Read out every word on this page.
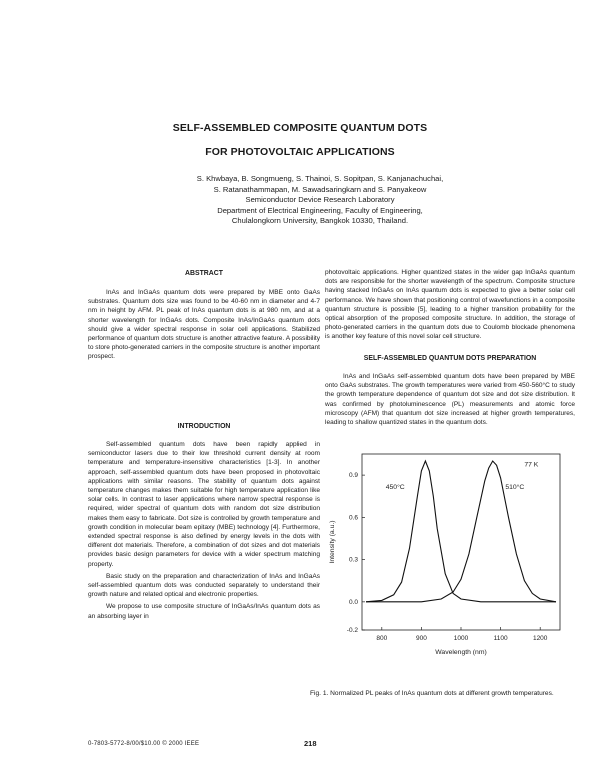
SELF-ASSEMBLED COMPOSITE QUANTUM DOTS
FOR PHOTOVOLTAIC APPLICATIONS
S. Khwbaya, B. Songmueng, S. Thainoi, S. Sopitpan, S. Kanjanachuchai,
S. Ratanathammapan, M. Sawadsaringkarn and S. Panyakeow
Semiconductor Device Research Laboratory
Department of Electrical Engineering, Faculty of Engineering,
Chulalongkorn University, Bangkok 10330, Thailand.
ABSTRACT

InAs and InGaAs quantum dots were prepared by MBE onto GaAs substrates. Quantum dots size was found to be 40-60 nm in diameter and 4-7 nm in height by AFM. PL peak of InAs quantum dots is at 980 nm, and at a shorter wavelength for InGaAs dots. Composite InAs/InGaAs quantum dots should give a wider spectral response in solar cell applications. Stabilized performance of quantum dots structure is another attractive feature. A possibility to store photo-generated carriers in the composite structure is another important prospect.

INTRODUCTION

Self-assembled quantum dots have been rapidly applied in semiconductor lasers due to their low threshold current density at room temperature and temperature-insensitive characteristics [1-3]. In another approach, self-assembled quantum dots have been proposed in photovoltaic applications with similar reasons. The stability of quantum dots against temperature changes makes them suitable for high temperature application like solar cells. In contrast to laser applications where narrow spectral response is required, wider spectral of quantum dots with random dot size distribution makes them easy to fabricate. Dot size is controlled by growth temperature and growth condition in molecular beam epitaxy (MBE) technology [4]. Furthermore, extended spectral response is also defined by energy levels in the dots with different dot materials. Therefore, a combination of dot sizes and dot materials provides basic design parameters for device with a wider spectrum matching property.

Basic study on the preparation and characterization of InAs and InGaAs self-assembled quantum dots was conducted separately to understand their growth nature and related optical and electronic properties.

We propose to use composite structure of InGaAs/InAs quantum dots as an absorbing layer in

photovoltaic applications. Higher quantized states in the wider gap InGaAs quantum dots are responsible for the shorter wavelength of the spectrum. Composite structure having stacked InGaAs on InAs quantum dots is expected to give a better solar cell performance. We have shown that positioning control of wavefunctions in a composite quantum structure is possible [5], leading to a higher transition probability for the optical absorption of the proposed composite structure. In addition, the storage of photo-generated carriers in the quantum dots due to Coulomb blockade phenomena is another key feature of this novel solar cell structure.

SELF-ASSEMBLED QUANTUM DOTS PREPARATION

InAs and InGaAs self-assembled quantum dots have been prepared by MBE onto GaAs substrates. The growth temperatures were varied from 450-560°C to study the growth temperature dependence of quantum dot size and dot size distribution. It was confirmed by photoluminescence (PL) measurements and atomic force microscopy (AFM) that quantum dot size increased at higher growth temperatures, leading to shallow quantized states in the quantum dots.

800	900	1000	1100	1200
-0.2
0.0
0.3
0.6
0.9
Wavelength (nm)
Intensity (a.u.)
77 K
450°C	510°C
Fig. 1. Normalized PL peaks of InAs quantum dots at different growth temperatures.
0-7803-5772-8/00/$10.00 © 2000 IEEE	218
